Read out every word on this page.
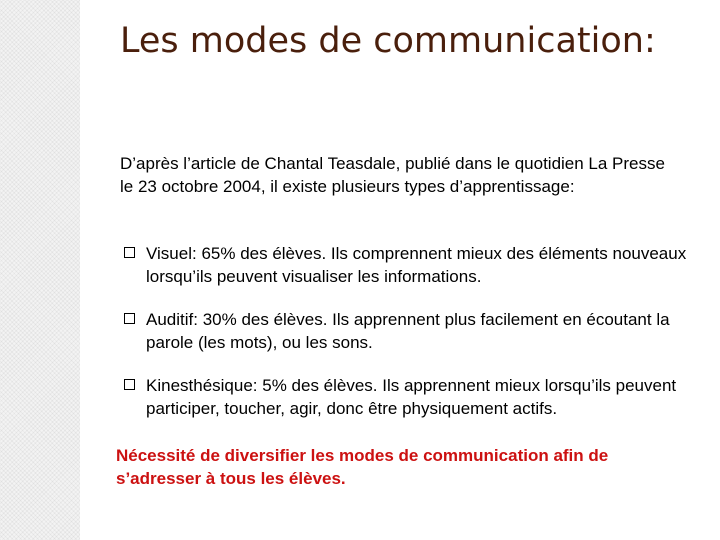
Les modes de communication:
D’après l’article de Chantal Teasdale, publié dans le quotidien La Presse le 23 octobre 2004, il existe plusieurs types d’apprentissage:
Visuel: 65% des élèves. Ils comprennent mieux des éléments nouveaux lorsqu’ils peuvent visualiser les informations.
Auditif: 30% des élèves. Ils apprennent plus facilement en écoutant la parole (les mots), ou les sons.
Kinesthésique: 5% des élèves. Ils apprennent mieux lorsqu’ils peuvent participer, toucher, agir, donc être physiquement actifs.
Nécessité de diversifier les modes de communication afin de s’adresser à tous les élèves.
